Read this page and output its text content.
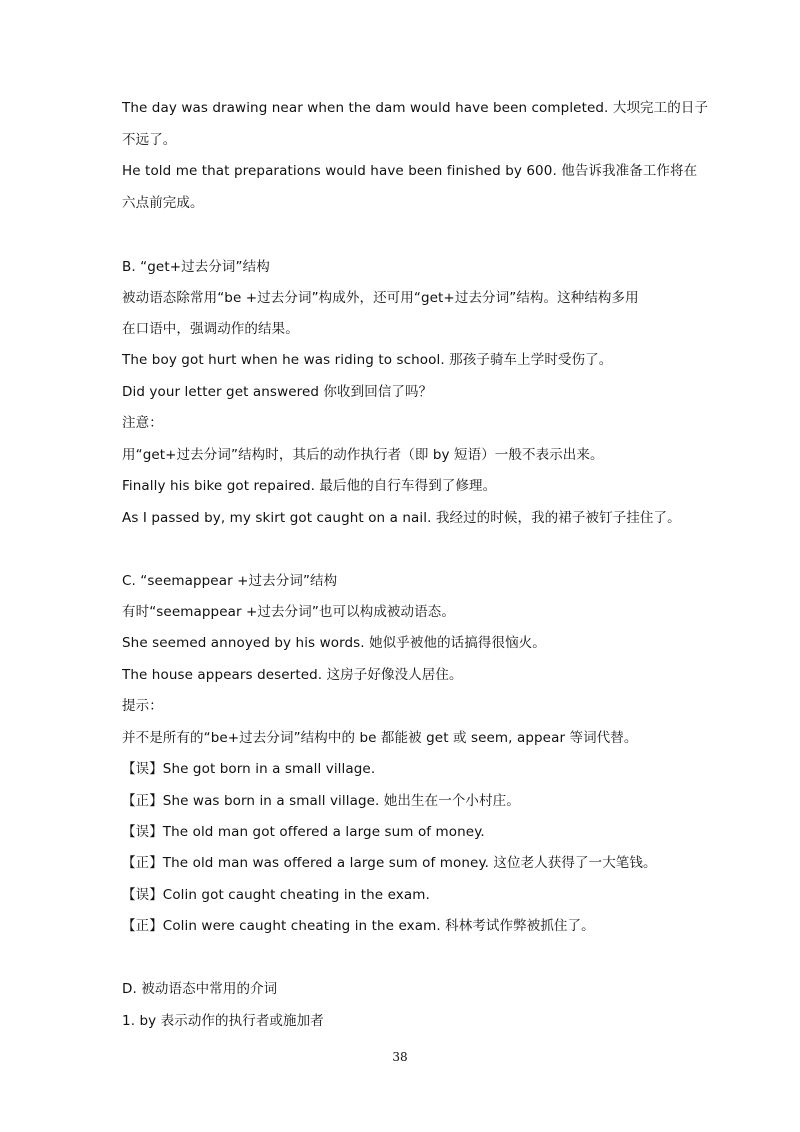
The day was drawing near when the dam would have been completed. 大坝完工的日子
不远了。
He told me that preparations would have been finished by 600. 他告诉我准备工作将在
六点前完成。
B. “get+过去分词”结构
被动语态除常用“be +过去分词”构成外，还可用“get+过去分词”结构。这种结构多用
在口语中，强调动作的结果。
The boy got hurt when he was riding to school. 那孩子骑车上学时受伤了。
Did your letter get answered 你收到回信了吗？
注意：
用“get+过去分词”结构时，其后的动作执行者（即 by 短语）一般不表示出来。
Finally his bike got repaired. 最后他的自行车得到了修理。
As I passed by, my skirt got caught on a nail. 我经过的时候，我的裙子被钉子挂住了。
C. “seemappear +过去分词”结构
有时“seemappear +过去分词”也可以构成被动语态。
She seemed annoyed by his words. 她似乎被他的话搞得很恼火。
The house appears deserted. 这房子好像没人居住。
提示：
并不是所有的“be+过去分词”结构中的 be 都能被 get 或 seem, appear 等词代替。
【误】She got born in a small village.
【正】She was born in a small village. 她出生在一个小村庄。
【误】The old man got offered a large sum of money.
【正】The old man was offered a large sum of money. 这位老人获得了一大笔钱。
【误】Colin got caught cheating in the exam.
【正】Colin were caught cheating in the exam. 科林考试作弊被抓住了。
D. 被动语态中常用的介词
1. by 表示动作的执行者或施加者
38
